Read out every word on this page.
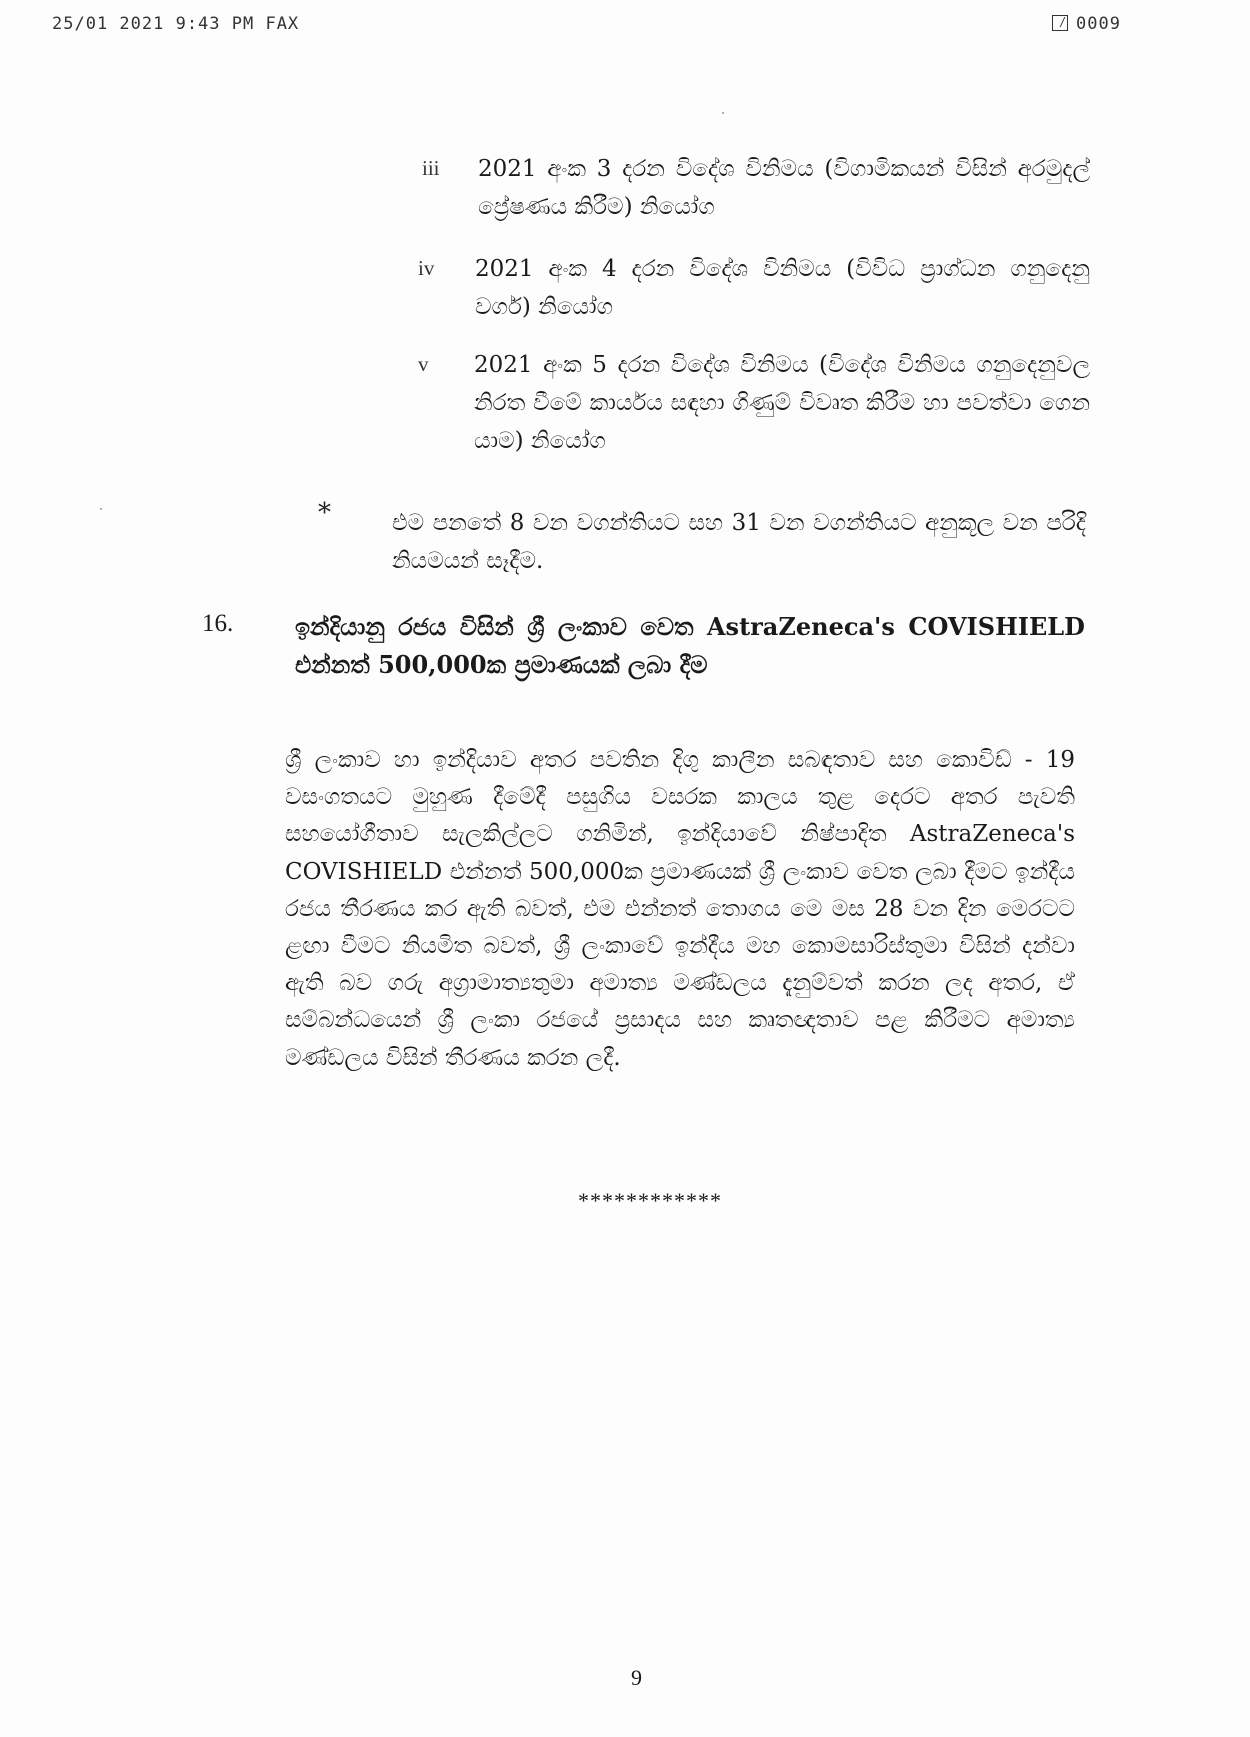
25/01 2021 9:43 PM FAX	0009
iii 2021 අංක 3 දරන විදේශ විනිමය (විගාමිකයන් විසින් අරමුදල් ප්‍රේෂණය කිරීම) නියෝග
iv 2021 අංක 4 දරන විදේශ විනිමය (විවිධ ප්‍රාග්ධන ගනුදෙනු වර්ග) නියෝග
v 2021 අංක 5 දරන විදේශ විනිමය (විදේශ විනිමය ගනුදෙනුවල නිරත වීමේ කාර්යය සඳහා ගිණුම් විවෘත කිරීම හා පවත්වා ගෙන යාම) නියෝග
*	එම පනතේ 8 වන වගන්තියට සහ 31 වන වගන්තියට අනුකූල වන පරිදි නියමයන් සෑදීම.
16.	ඉන්දියානු රජය විසින් ශ්‍රී ලංකාව වෙත AstraZeneca's COVISHIELD එන්නත් 500,000ක ප්‍රමාණයක් ලබා දීම
ශ්‍රී ලංකාව හා ඉන්දියාව අතර පවතින දිගු කාලීන සබඳතාව සහ කොවිඩ් - 19 වසංගතයට මුහුණ දීමේදී පසුගිය වසරක කාලය තුළ දෙරට අතර පැවති සහයෝගීතාව සැලකිල්ලට ගනිමින්, ඉන්දියාවේ නිෂ්පාදිත AstraZeneca's COVISHIELD එන්නත් 500,000ක ප්‍රමාණයක් ශ්‍රී ලංකාව වෙත ලබා දීමට ඉන්දීය රජය තීරණය කර ඇති බවත්, එම එන්නත් තොගය මෙ මස 28 වන දින මෙරටට ළඟා වීමට නියමිත බවත්, ශ්‍රී ලංකාවේ ඉන්දීය මහ කොමසාරිස්තුමා විසින් දන්වා ඇති බව ගරු අග්‍රාමාත්‍යතුමා අමාත්‍ය මණ්ඩලය දැනුම්වත් කරන ලද අතර, ඒ සම්බන්ධයෙන් ශ්‍රී ලංකා රජයේ ප්‍රසාදය සහ කෘතඥතාව පළ කිරීමට අමාත්‍ය මණ්ඩලය විසින් තීරණය කරන ලදී.
************
9
